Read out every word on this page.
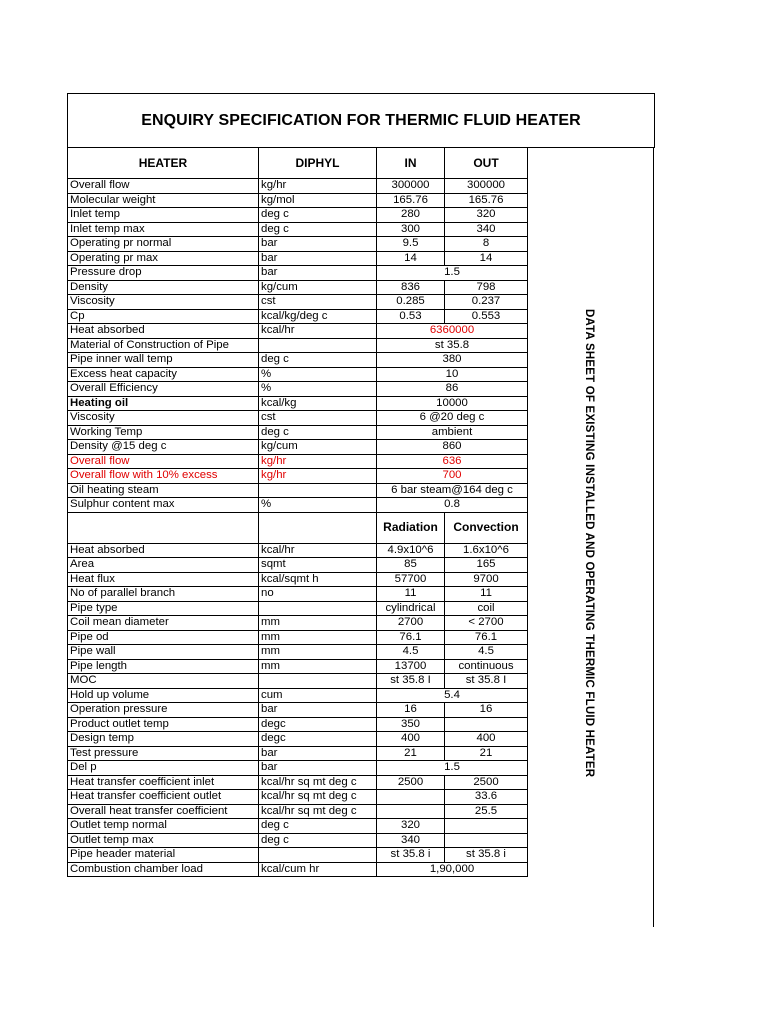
ENQUIRY SPECIFICATION FOR THERMIC FLUID HEATER
HEATER	DIPHYL	IN	OUT	
Overall flow	kg/hr	300000	300000	
Molecular weight	kg/mol	165.76	165.76	
Inlet temp	deg c	280	320	
Inlet temp max	deg c	300	340	
Operating pr normal	bar	9.5	8	
Operating pr max	bar	14	14	
Pressure drop	bar	1.5		
Density	kg/cum	836	798	
Viscosity	cst	0.285	0.237	
Cp	kcal/kg/deg c	0.53	0.553	
Heat absorbed	kcal/hr	6360000		
Material of Construction of Pipe		st 35.8		
Pipe inner wall temp	deg c	380		
Excess heat capacity	%	10		
Overall Efficiency	%	86		
Heating oil	kcal/kg	10000		
Viscosity	cst	6 @20 deg c		
Working Temp	deg c	ambient		
Density @15 deg c	kg/cum	860		
Overall flow	kg/hr	636		
Overall flow with 10% excess	kg/hr	700		
Oil heating steam		6 bar steam@164 deg c		
Sulphur content max	%	0.8		
		Radiation	Convection	
Heat absorbed	kcal/hr	4.9x10^6	1.6x10^6	
Area	sqmt	85	165	
Heat flux	kcal/sqmt h	57700	9700	
No of parallel branch	no	11	11	
Pipe type		cylindrical	coil	
Coil mean diameter	mm	2700	< 2700	
Pipe od	mm	76.1	76.1	
Pipe wall	mm	4.5	4.5	
Pipe length	mm	13700	continuous	
MOC		st 35.8 I	st 35.8 I	
Hold up volume	cum	5.4		
Operation pressure	bar	16	16	
Product outlet temp	degc	350		
Design temp	degc	400	400	
Test pressure	bar	21	21	
Del p	bar	1.5		
Heat transfer coefficient inlet	kcal/hr sq mt deg c	2500	2500	
Heat transfer coefficient outlet	kcal/hr sq mt deg c		33.6	
Overall heat transfer coefficient	kcal/hr sq mt deg c		25.5	
Outlet temp normal	deg c	320		
Outlet temp max	deg c	340		
Pipe header material		st 35.8 i	st 35.8 i	
Combustion chamber load	kcal/cum hr	1,90,000		
DATA SHEET OF EXISTING INSTALLED AND OPERATING THERMIC FLUID HEATER
